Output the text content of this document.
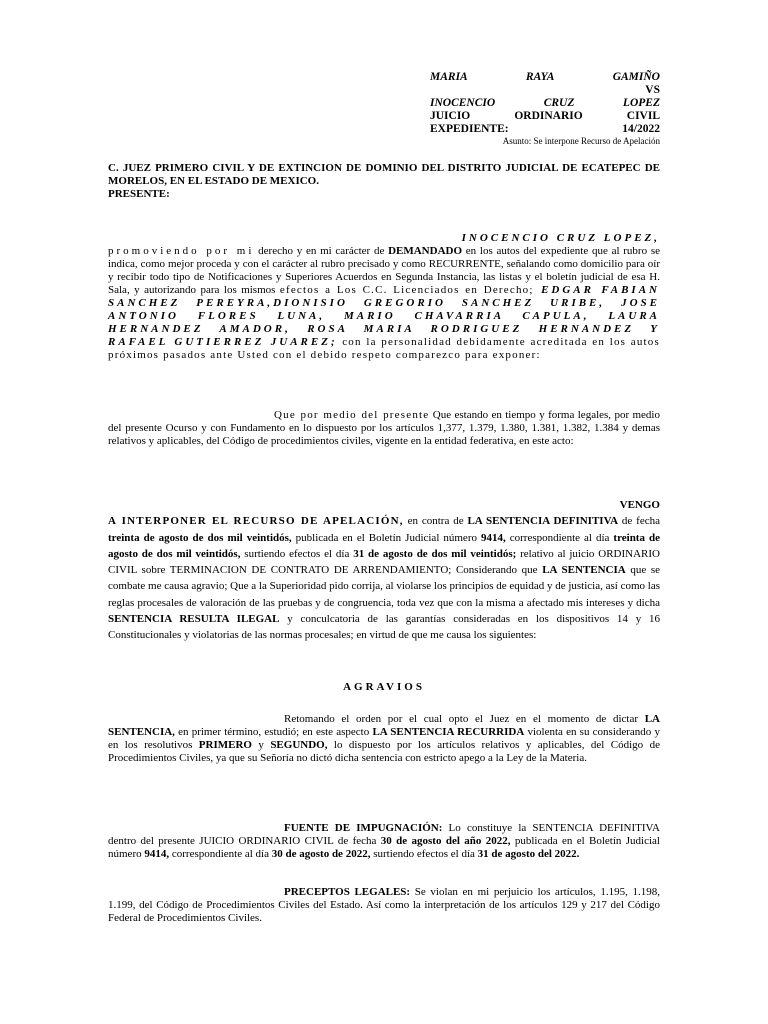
MARIA	RAYA	GAMIÑO
VS
INOCENCIO	CRUZ	LOPEZ
JUICIO	ORDINARIO	CIVIL
EXPEDIENTE:	14/2022
Asunto: Se interpone Recurso de Apelación
C. JUEZ PRIMERO CIVIL Y DE EXTINCION DE DOMINIO DEL DISTRITO JUDICIAL DE ECATEPEC DE MORELOS, EN EL ESTADO DE MEXICO.
PRESENTE:
INOCENCIO CRUZ LOPEZ,
promoviendo por mi derecho y en mi carácter de DEMANDADO en los autos del expediente que al rubro se indica, como mejor proceda y con el carácter al rubro precisado y como RECURRENTE, señalando como domicilio para oír y recibir todo tipo de Notificaciones y Superiores Acuerdos en Segunda Instancia, las listas y el boletín judicial de esa H. Sala, y autorizando para los mismos efectos a Los C.C. Licenciados en Derecho; EDGAR FABIAN SANCHEZ PEREYRA,DIONISIO GREGORIO SANCHEZ URIBE, JOSE ANTONIO FLORES LUNA, MARIO CHAVARRIA CAPULA, LAURA HERNANDEZ AMADOR, ROSA MARIA RODRIGUEZ HERNANDEZ Y RAFAEL GUTIERREZ JUAREZ; con la personalidad debidamente acreditada en los autos próximos pasados ante Usted con el debido respeto comparezco para exponer:
Que por medio del presente Que estando en tiempo y forma legales, por medio del presente Ocurso y con Fundamento en lo dispuesto por los artículos 1,377, 1.379, 1.380, 1.381, 1.382, 1.384 y demas relativos y aplicables, del Código de procedimientos civiles, vigente en la entidad federativa, en este acto:
VENGO
A INTERPONER EL RECURSO DE APELACIÓN, en contra de LA SENTENCIA DEFINITIVA de fecha treinta de agosto de dos mil veintidós, publicada en el Boletín Judicial número 9414, correspondiente al día treinta de agosto de dos mil veintidós, surtiendo efectos el día 31 de agosto de dos mil veintidós; relativo al juicio ORDINARIO CIVIL sobre TERMINACION DE CONTRATO DE ARRENDAMIENTO; Considerando que LA SENTENCIA que se combate me causa agravio; Que a la Superioridad pido corrija, al violarse los principios de equidad y de justicia, así como las reglas procesales de valoración de las pruebas y de congruencia, toda vez que con la misma a afectado mis intereses y dicha SENTENCIA RESULTA ILEGAL y conculcatoria de las garantías consideradas en los dispositivos 14 y 16 Constitucionales y violatorias de las normas procesales; en virtud de que me causa los siguientes:
AGRAVIOS
Retomando el orden por el cual opto el Juez en el momento de dictar LA SENTENCIA, en primer término, estudió; en este aspecto LA SENTENCIA RECURRIDA violenta en su considerando y en los resolutivos PRIMERO y SEGUNDO, lo dispuesto por los artículos relativos y aplicables, del Código de Procedimientos Civiles, ya que su Señoría no dictó dicha sentencia con estricto apego a la Ley de la Materia.
FUENTE DE IMPUGNACIÓN: Lo constituye la SENTENCIA DEFINITIVA dentro del presente JUICIO ORDINARIO CIVIL de fecha 30 de agosto del año 2022, publicada en el Boletín Judicial número 9414, correspondiente al día 30 de agosto de 2022, surtiendo efectos el día 31 de agosto del 2022.
PRECEPTOS LEGALES: Se violan en mi perjuicio los artículos, 1.195, 1.198, 1.199, del Código de Procedimientos Civiles del Estado. Así como la interpretación de los artículos 129 y 217 del Código Federal de Procedimientos Civiles.
